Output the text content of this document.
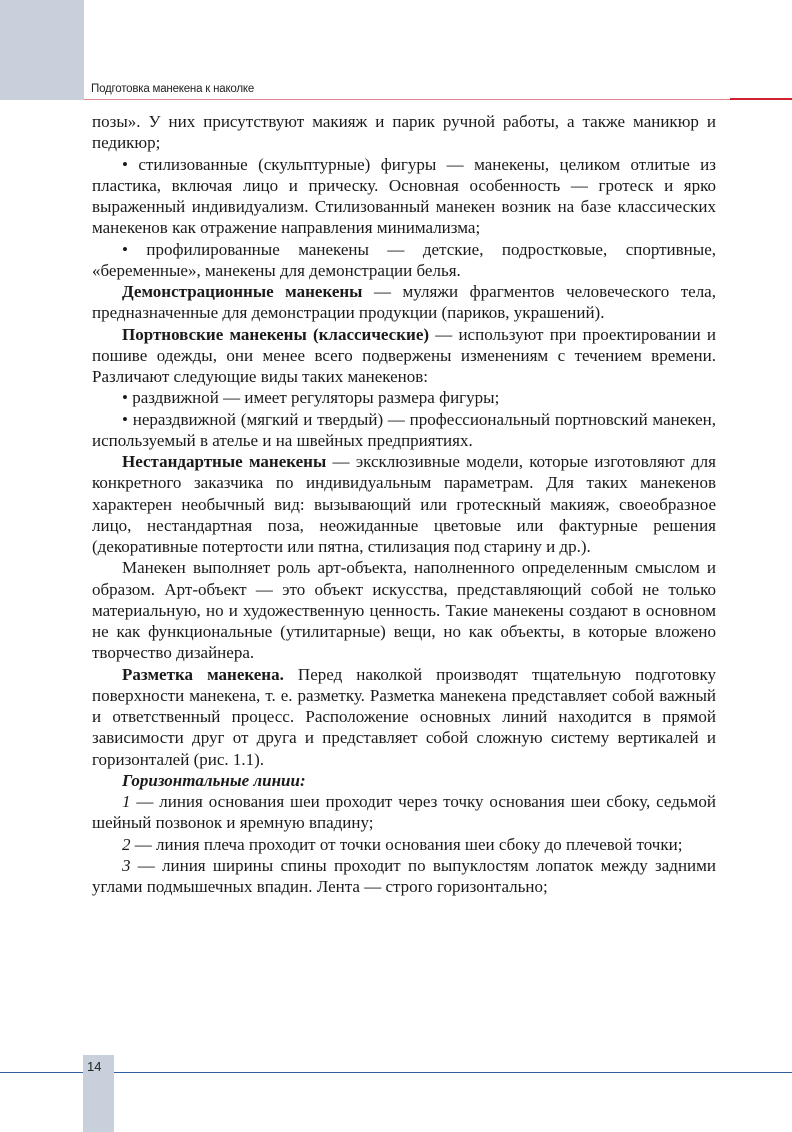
Подготовка манекена к наколке

позы». У них присутствуют макияж и парик ручной работы, а также маникюр и педикюр;

• стилизованные (скульптурные) фигуры — манекены, целиком отлитые из пластика, включая лицо и прическу. Основная особенность — гротеск и ярко выраженный индивидуализм. Стилизованный манекен возник на базе классических манекенов как отражение направления минимализма;

• профилированные манекены — детские, подростковые, спортивные, «беременные», манекены для демонстрации белья.

Демонстрационные манекены — муляжи фрагментов человеческого тела, предназначенные для демонстрации продукции (париков, украшений).

Портновские манекены (классические) — используют при проектировании и пошиве одежды, они менее всего подвержены изменениям с течением времени. Различают следующие виды таких манекенов:

• раздвижной — имеет регуляторы размера фигуры;

• нераздвижной (мягкий и твердый) — профессиональный портновский манекен, используемый в ателье и на швейных предприятиях.

Нестандартные манекены — эксклюзивные модели, которые изготовляют для конкретного заказчика по индивидуальным параметрам. Для таких манекенов характерен необычный вид: вызывающий или гротескный макияж, своеобразное лицо, нестандартная поза, неожиданные цветовые или фактурные решения (декоративные потертости или пятна, стилизация под старину и др.).

Манекен выполняет роль арт-объекта, наполненного определенным смыслом и образом. Арт-объект — это объект искусства, представляющий собой не только материальную, но и художественную ценность. Такие манекены создают в основном не как функциональные (утилитарные) вещи, но как объекты, в которые вложено творчество дизайнера.

Разметка манекена. Перед наколкой производят тщательную подготовку поверхности манекена, т. е. разметку. Разметка манекена представляет собой важный и ответственный процесс. Расположение основных линий находится в прямой зависимости друг от друга и представляет собой сложную систему вертикалей и горизонталей (рис. 1.1).

Горизонтальные линии:

1 — линия основания шеи проходит через точку основания шеи сбоку, седьмой шейный позвонок и яремную впадину;

2 — линия плеча проходит от точки основания шеи сбоку до плечевой точки;

3 — линия ширины спины проходит по выпуклостям лопаток между задними углами подмышечных впадин. Лента — строго горизонтально;

14
